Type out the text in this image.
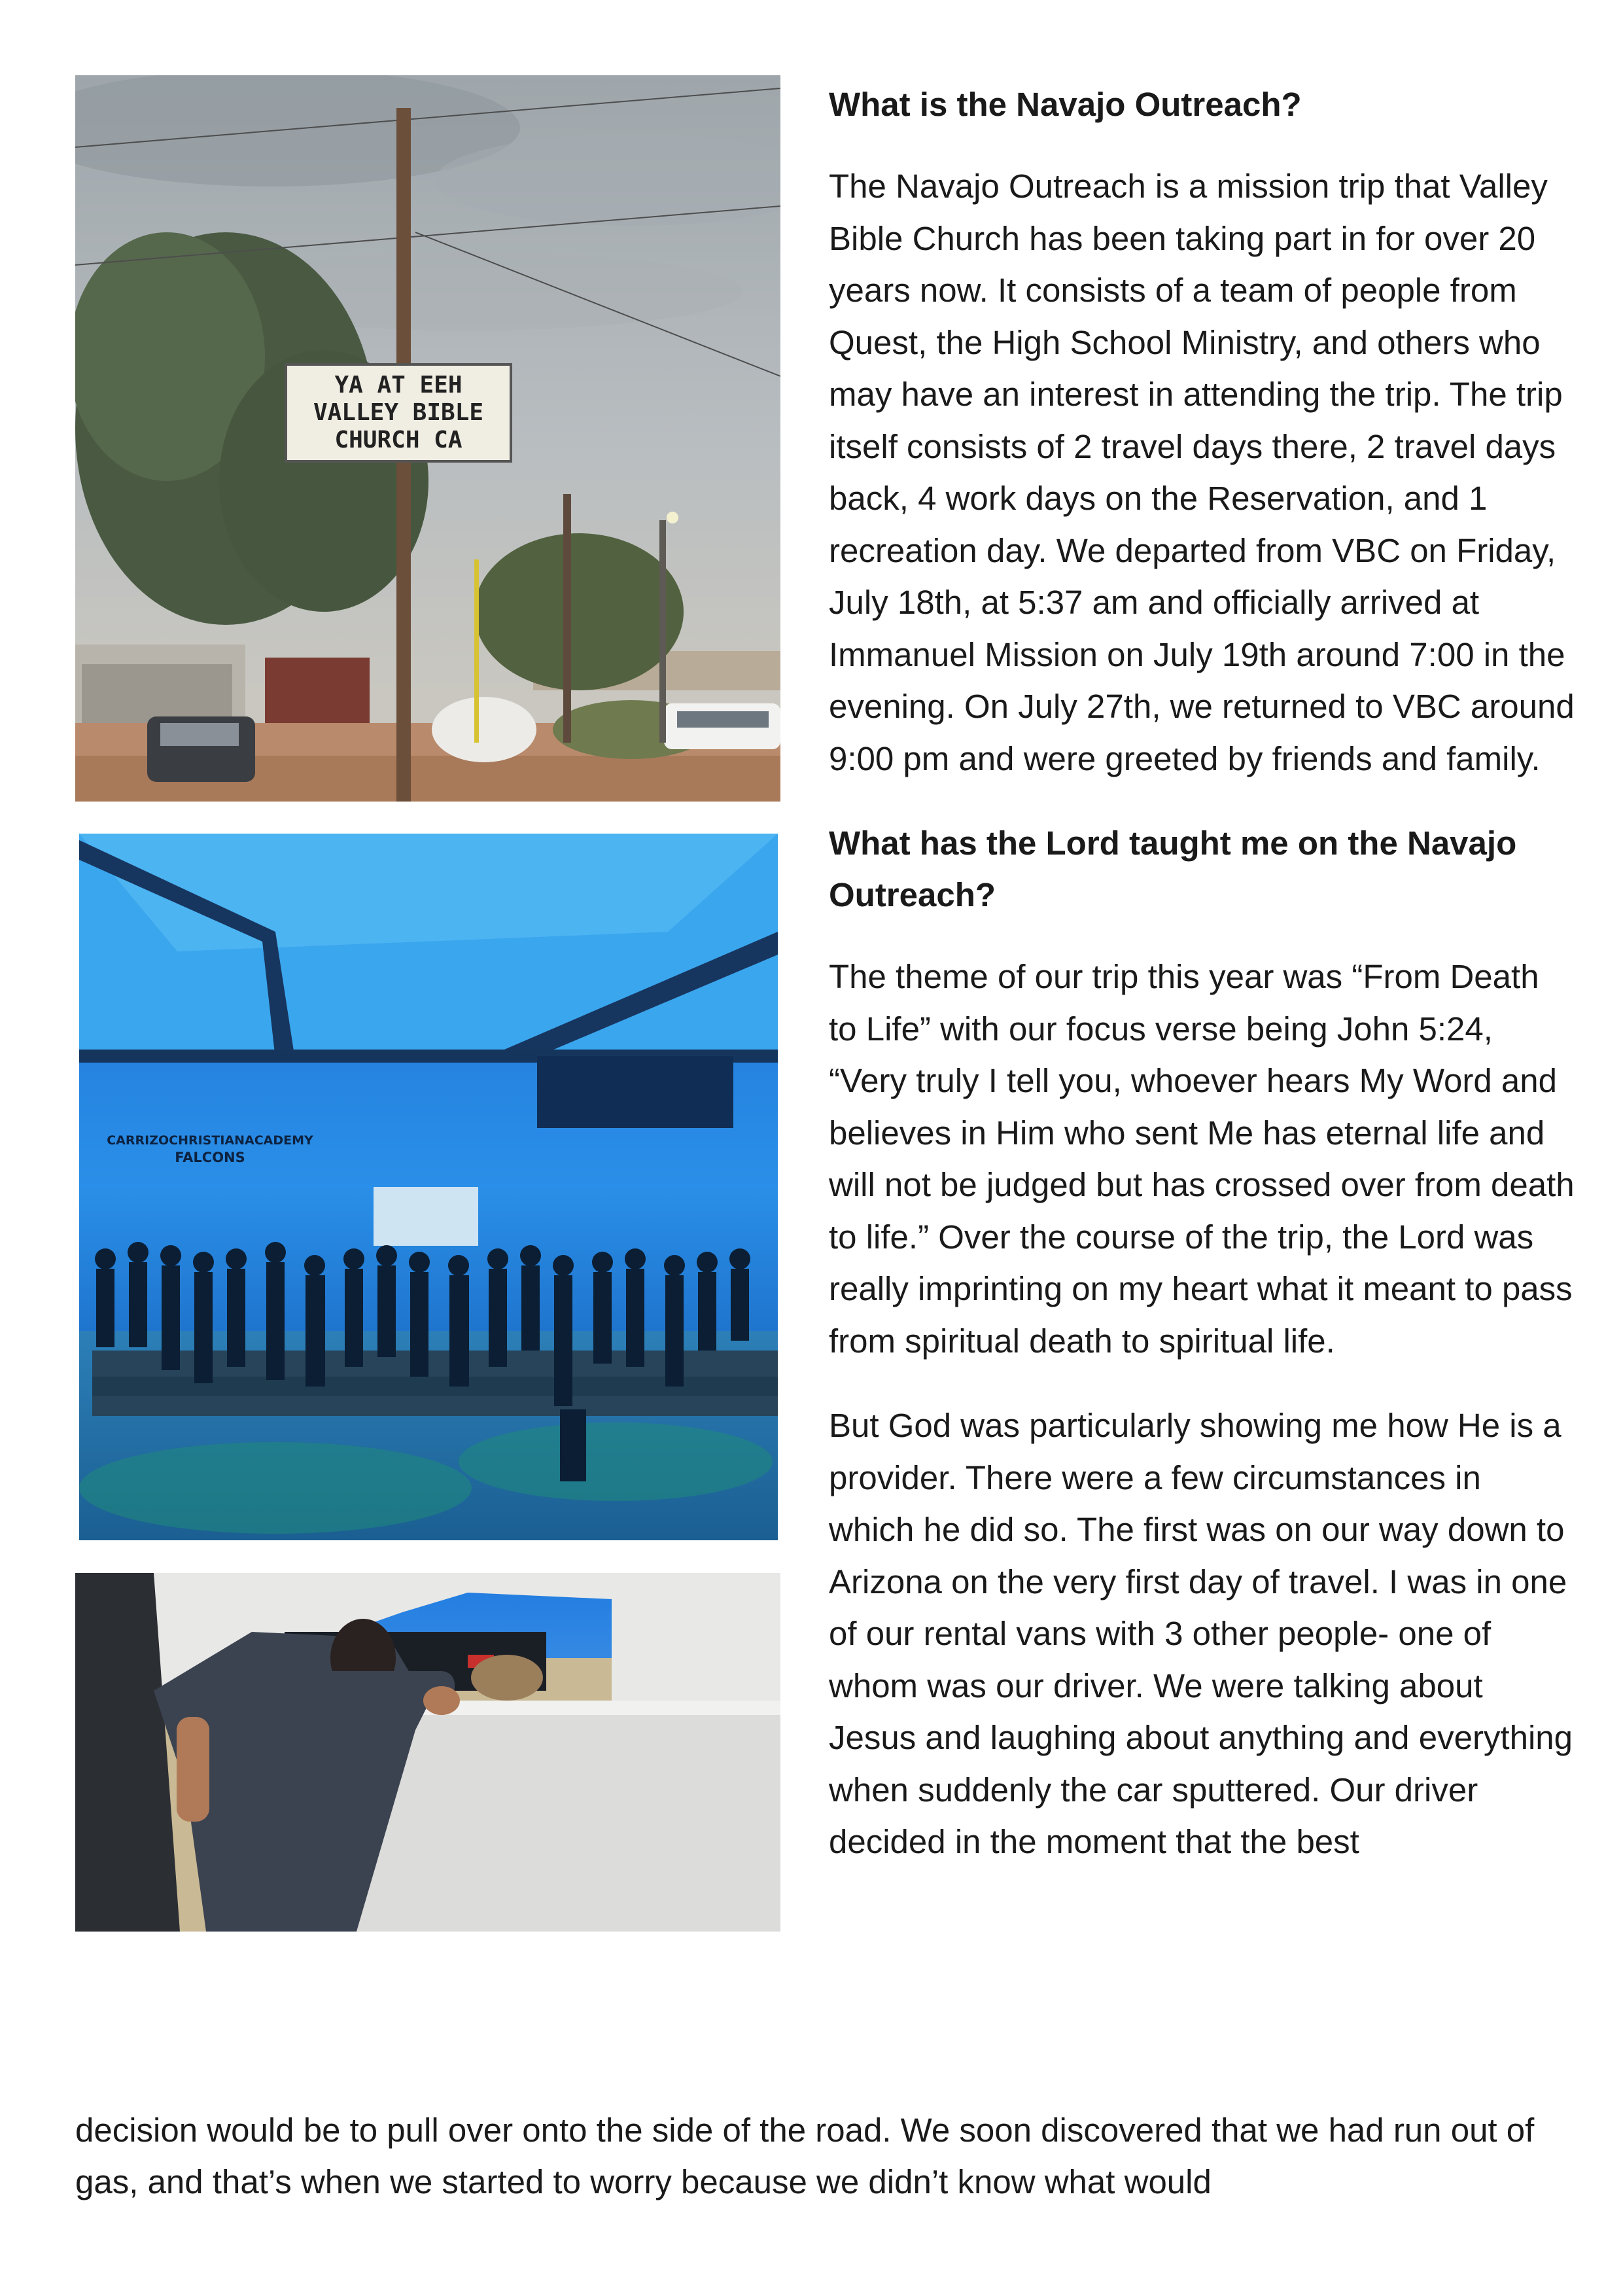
YA AT EEH
VALLEY BIBLE
CHURCH CA
CARRIZOCHRISTIANACADEMY
FALCONS

What is the Navajo Outreach?

The Navajo Outreach is a mission trip that Valley Bible Church has been taking part in for over 20 years now. It consists of a team of people from Quest, the High School Ministry, and others who may have an interest in attending the trip. The trip itself consists of 2 travel days there, 2 travel days back, 4 work days on the Reservation, and 1 recreation day. We departed from VBC on Friday, July 18th, at 5:37 am and officially arrived at Immanuel Mission on July 19th around 7:00 in the evening. On July 27th, we returned to VBC around 9:00 pm and were greeted by friends and family.

What has the Lord taught me on the Navajo Outreach?

The theme of our trip this year was “From Death to Life” with our focus verse being John 5:24, “Very truly I tell you, whoever hears My Word and believes in Him who sent Me has eternal life and will not be judged but has crossed over from death to life.” Over the course of the trip, the Lord was really imprinting on my heart what it meant to pass from spiritual death to spiritual life.

But God was particularly showing me how He is a provider. There were a few circumstances in which he did so. The first was on our way down to Arizona on the very first day of travel. I was in one of our rental vans with 3 other people- one of whom was our driver. We were talking about Jesus and laughing about anything and everything when suddenly the car sputtered. Our driver decided in the moment that the best

decision would be to pull over onto the side of the road. We soon discovered that we had run out of gas, and that’s when we started to worry because we didn’t know what would
